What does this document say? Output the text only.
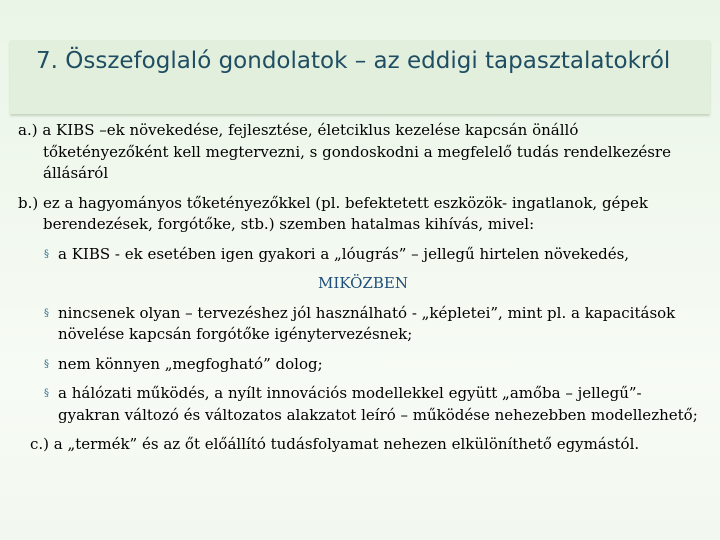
7. Összefoglaló gondolatok – az eddigi tapasztalatokról

a.) a KIBS –ek növekedése, fejlesztése, életciklus kezelése kapcsán önálló tőketényezőként kell megtervezni, s gondoskodni a megfelelő tudás rendelkezésre állásáról

b.) ez a hagyományos tőketényezőkkel (pl. befektetett eszközök- ingatlanok, gépek berendezések, forgótőke, stb.) szemben hatalmas kihívás, mivel:

§ a KIBS - ek esetében igen gyakori a „lóugrás” – jellegű hirtelen növekedés,

MIKÖZBEN

§ nincsenek olyan – tervezéshez jól használható - „képletei”, mint pl. a kapacitások növelése kapcsán forgótőke igénytervezésnek;

§ nem könnyen „megfogható” dolog;

§ a hálózati működés, a nyílt innovációs modellekkel együtt „amőba – jellegű”- gyakran változó és változatos alakzatot leíró – működése nehezebben modellezhető;

c.) a „termék” és az őt előállító tudásfolyamat nehezen elkülöníthető egymástól.
